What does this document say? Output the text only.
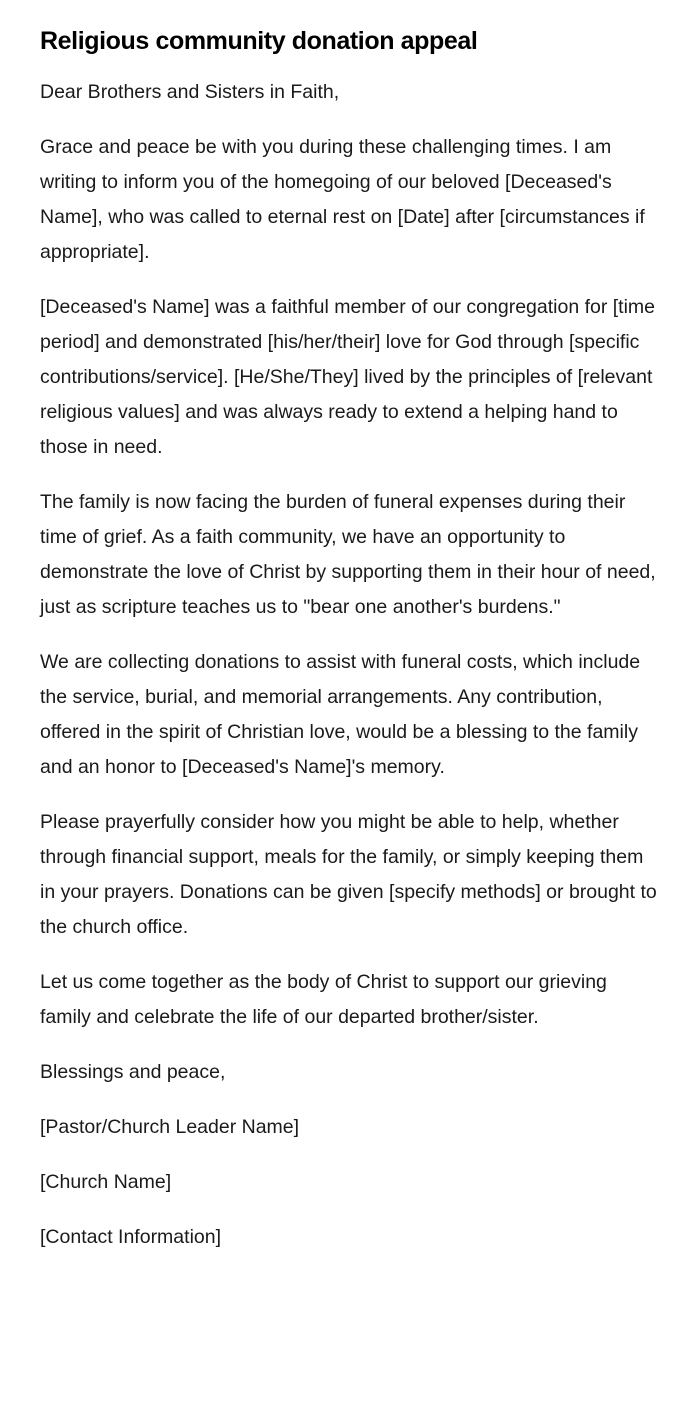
Religious community donation appeal

Dear Brothers and Sisters in Faith,

Grace and peace be with you during these challenging times. I am writing to inform you of the homegoing of our beloved [Deceased's Name], who was called to eternal rest on [Date] after [circumstances if appropriate].

[Deceased's Name] was a faithful member of our congregation for [time period] and demonstrated [his/her/their] love for God through [specific contributions/service]. [He/She/They] lived by the principles of [relevant religious values] and was always ready to extend a helping hand to those in need.

The family is now facing the burden of funeral expenses during their time of grief. As a faith community, we have an opportunity to demonstrate the love of Christ by supporting them in their hour of need, just as scripture teaches us to "bear one another's burdens."

We are collecting donations to assist with funeral costs, which include the service, burial, and memorial arrangements. Any contribution, offered in the spirit of Christian love, would be a blessing to the family and an honor to [Deceased's Name]'s memory.

Please prayerfully consider how you might be able to help, whether through financial support, meals for the family, or simply keeping them in your prayers. Donations can be given [specify methods] or brought to the church office.

Let us come together as the body of Christ to support our grieving family and celebrate the life of our departed brother/sister.

Blessings and peace,

[Pastor/Church Leader Name]

[Church Name]

[Contact Information]
